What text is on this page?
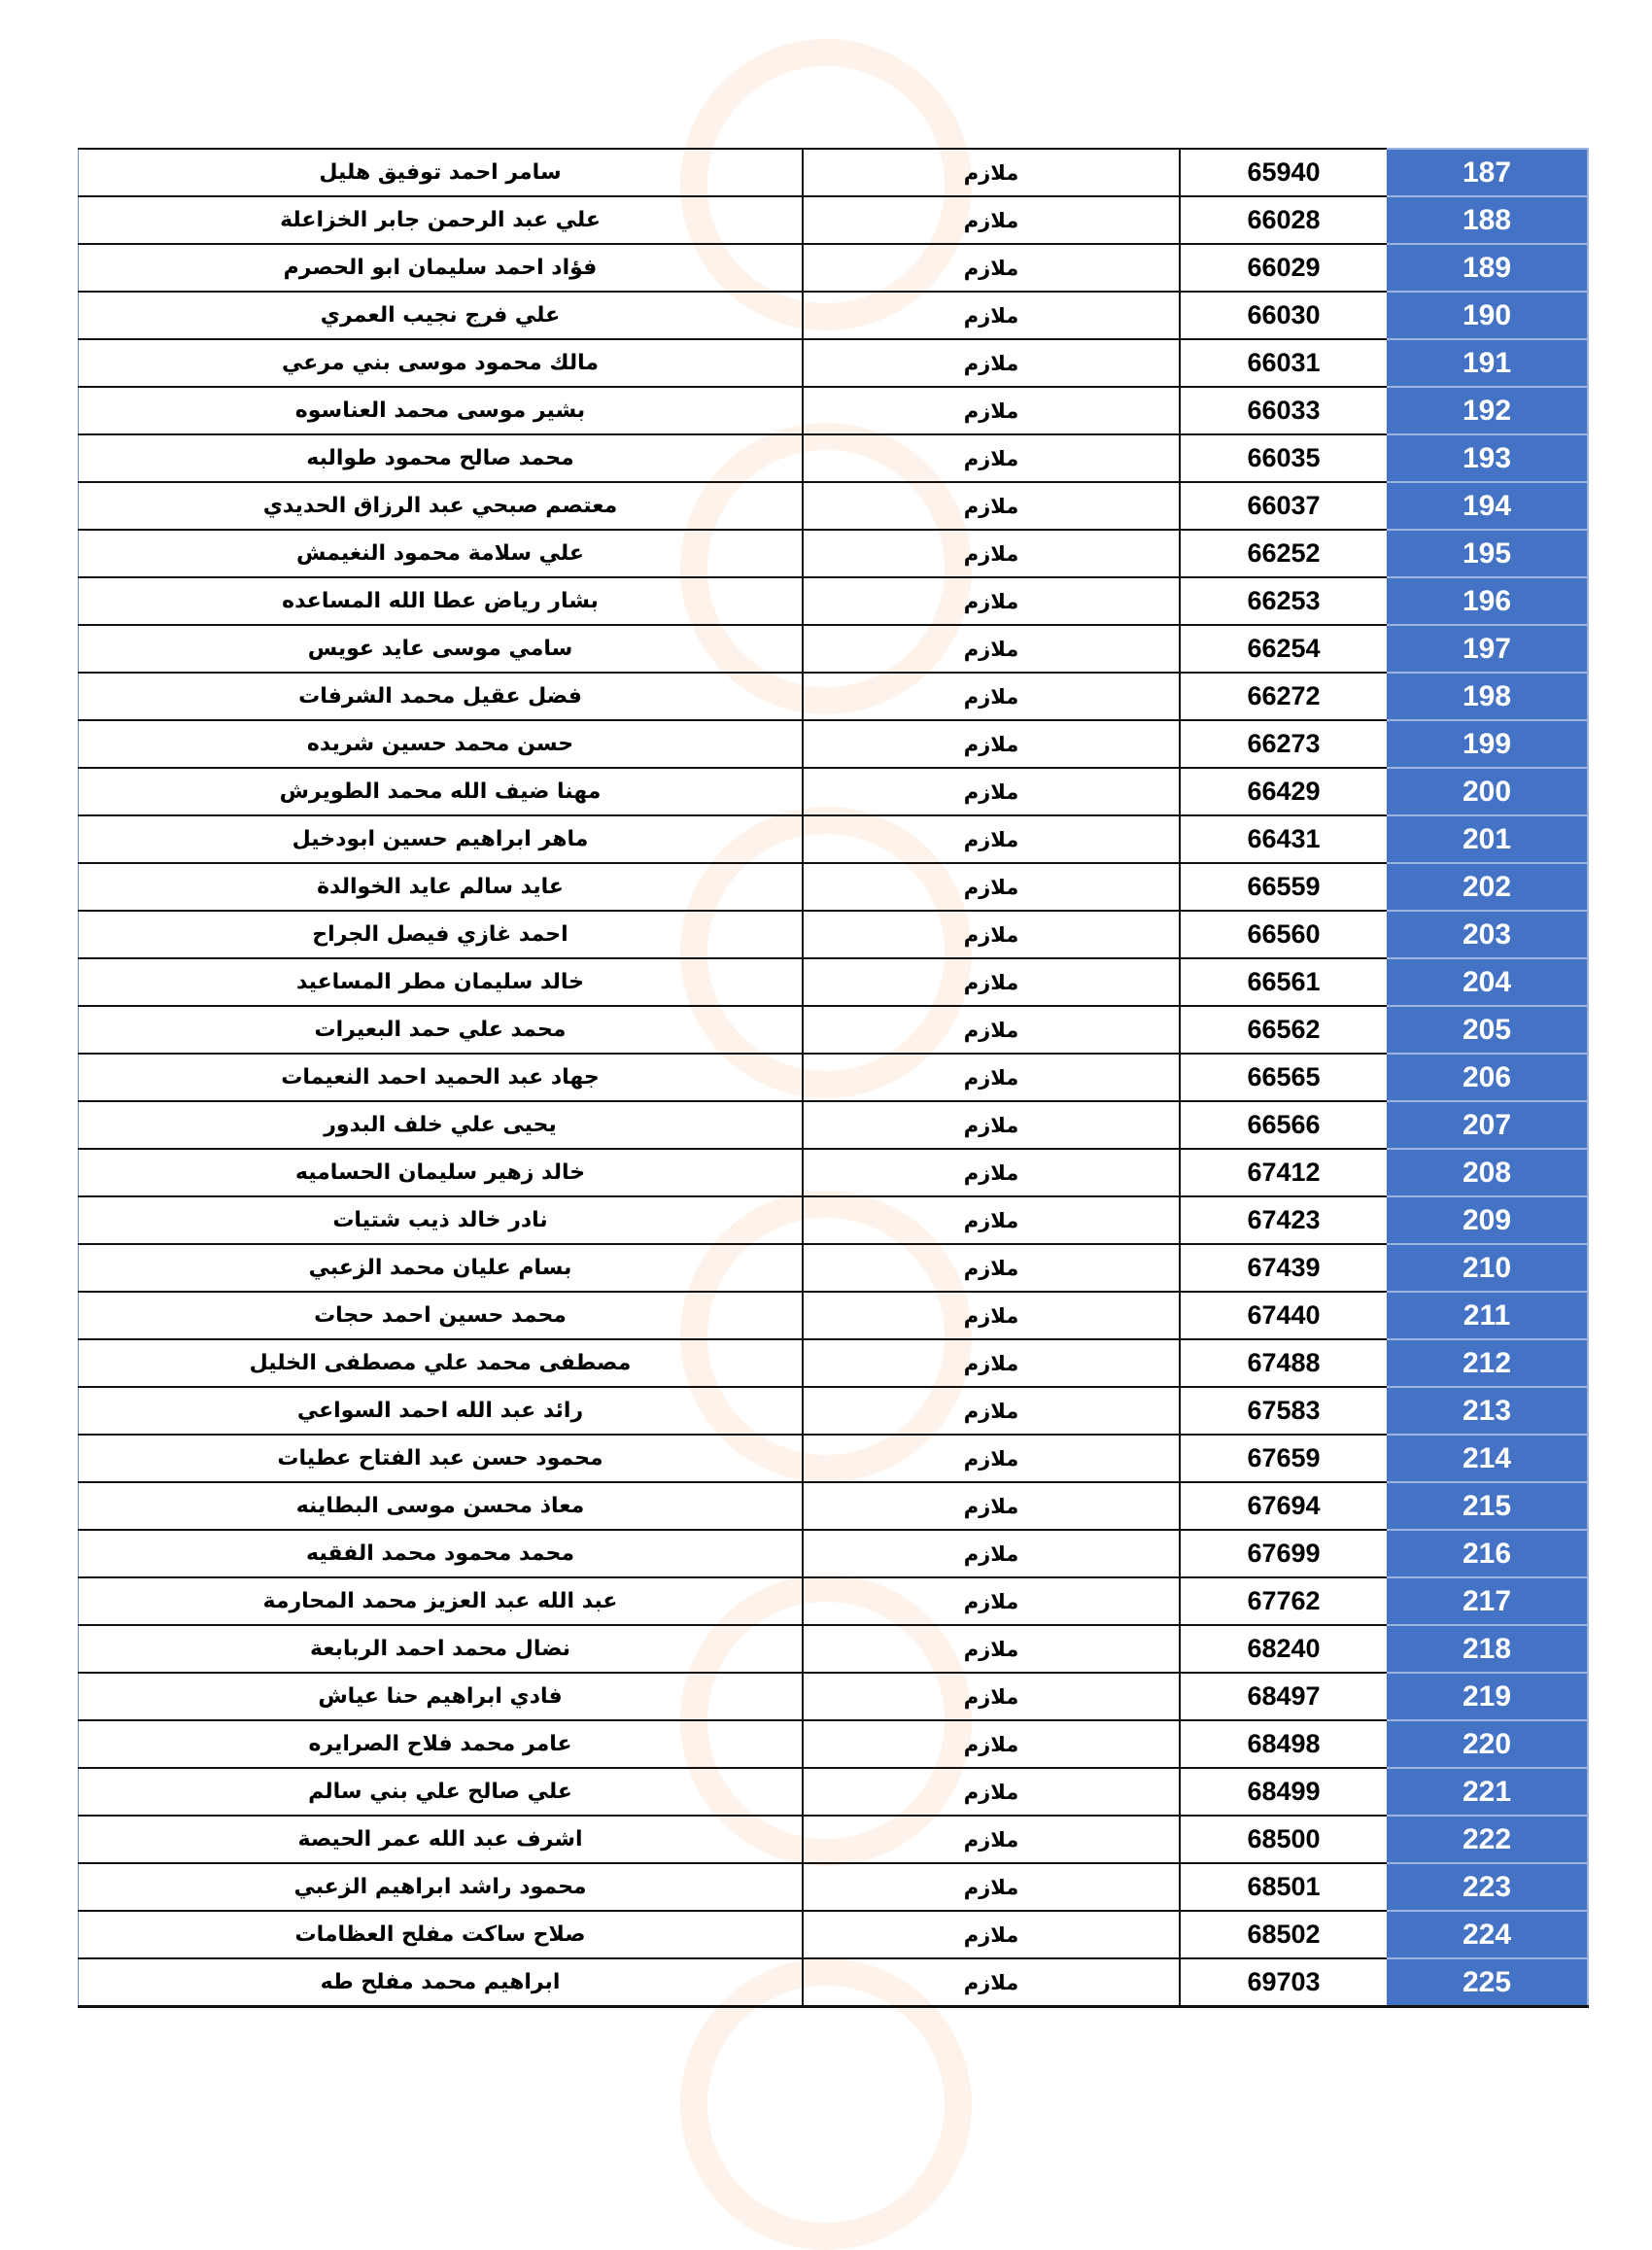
سامر احمد توفيق هليل	ملازم	65940	187
علي عبد الرحمن جابر الخزاعلة	ملازم	66028	188
فؤاد احمد سليمان ابو الحصرم	ملازم	66029	189
علي فرج نجيب العمري	ملازم	66030	190
مالك محمود موسى بني مرعي	ملازم	66031	191
بشير موسى محمد العناسوه	ملازم	66033	192
محمد صالح محمود طوالبه	ملازم	66035	193
معتصم صبحي عبد الرزاق الحديدي	ملازم	66037	194
علي سلامة محمود النغيمش	ملازم	66252	195
بشار رياض عطا الله المساعده	ملازم	66253	196
سامي موسى عايد عويس	ملازم	66254	197
فضل عقيل محمد الشرفات	ملازم	66272	198
حسن محمد حسين شريده	ملازم	66273	199
مهنا ضيف الله محمد الطويرش	ملازم	66429	200
ماهر ابراهيم حسين ابودخيل	ملازم	66431	201
عايد سالم عايد الخوالدة	ملازم	66559	202
احمد غازي فيصل الجراح	ملازم	66560	203
خالد سليمان مطر المساعيد	ملازم	66561	204
محمد علي حمد البعيرات	ملازم	66562	205
جهاد عبد الحميد احمد النعيمات	ملازم	66565	206
يحيى علي خلف البدور	ملازم	66566	207
خالد زهير سليمان الحساميه	ملازم	67412	208
نادر خالد ذيب شتيات	ملازم	67423	209
بسام عليان محمد الزعبي	ملازم	67439	210
محمد حسين احمد حجات	ملازم	67440	211
مصطفى محمد علي مصطفى الخليل	ملازم	67488	212
رائد عبد الله احمد السواعي	ملازم	67583	213
محمود حسن عبد الفتاح عطيات	ملازم	67659	214
معاذ محسن موسى البطاينه	ملازم	67694	215
محمد محمود محمد الفقيه	ملازم	67699	216
عبد الله عبد العزيز محمد المحارمة	ملازم	67762	217
نضال محمد احمد الربابعة	ملازم	68240	218
فادي ابراهيم حنا عياش	ملازم	68497	219
عامر محمد فلاح الصرايره	ملازم	68498	220
علي صالح علي بني سالم	ملازم	68499	221
اشرف عبد الله عمر الحيصة	ملازم	68500	222
محمود راشد ابراهيم الزعبي	ملازم	68501	223
صلاح ساكت مفلح العظامات	ملازم	68502	224
ابراهيم محمد مفلح طه	ملازم	69703	225
